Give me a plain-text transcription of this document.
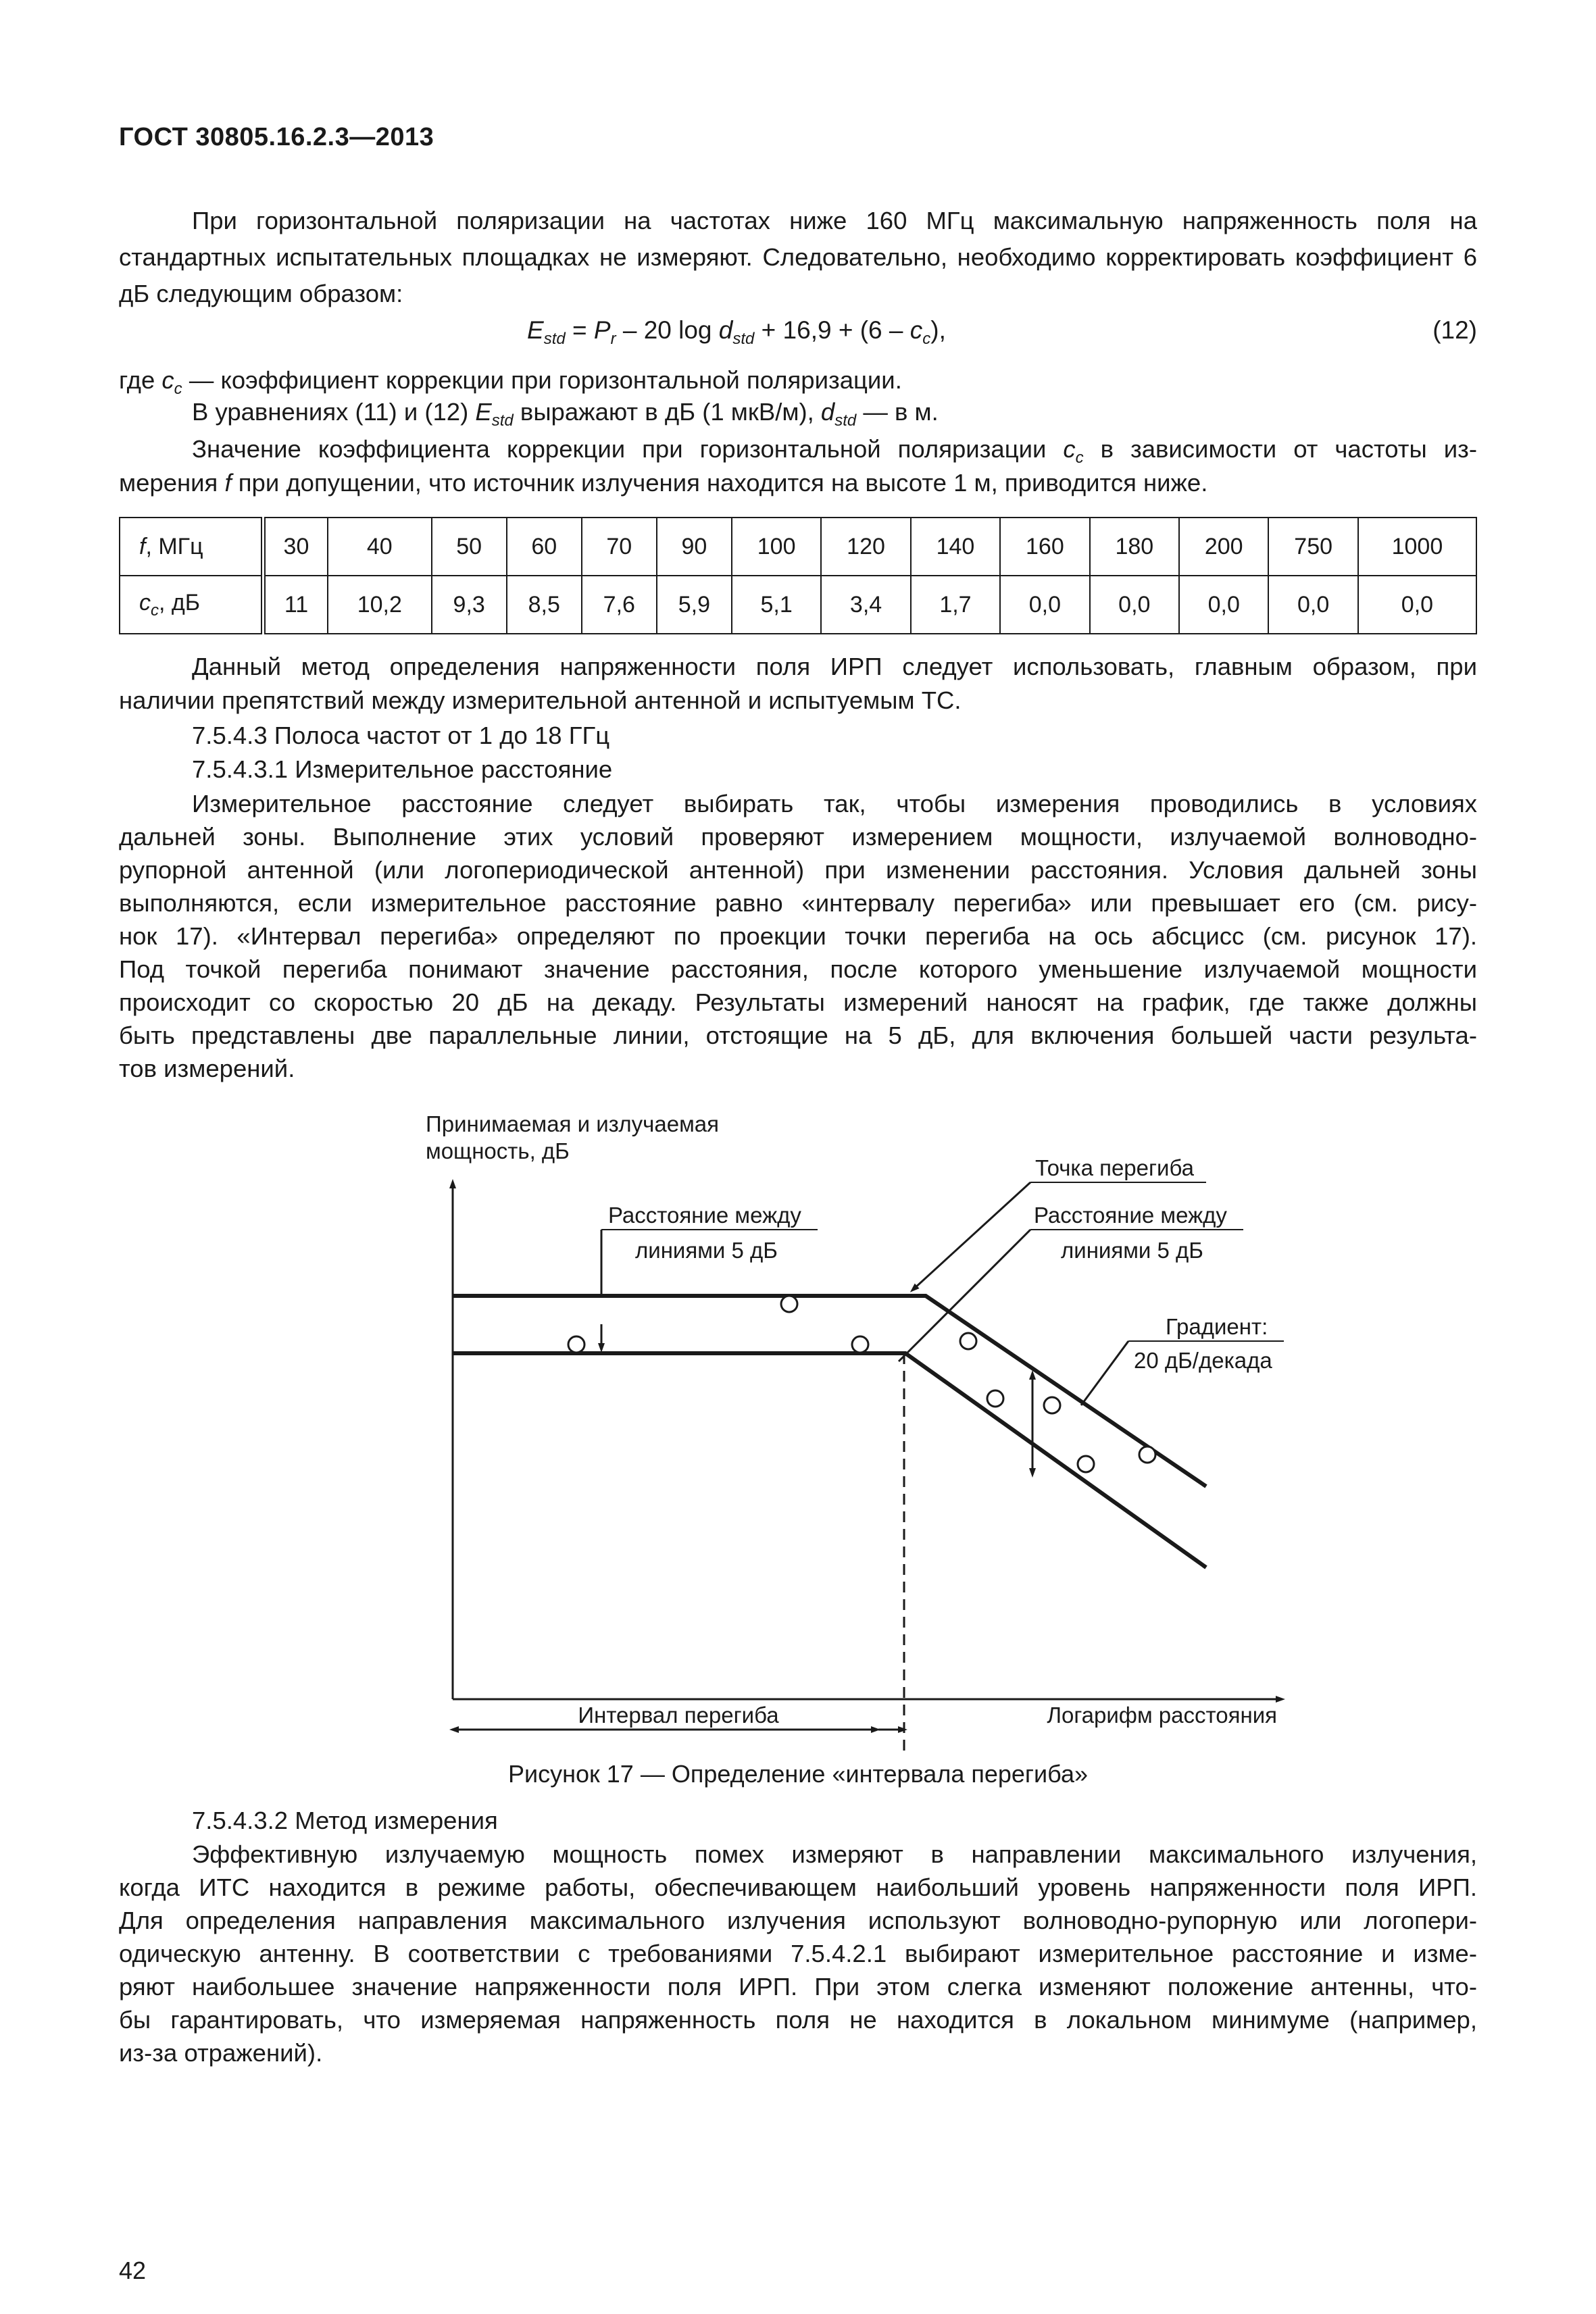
ГОСТ 30805.16.2.3—2013
При горизонтальной поляризации на частотах ниже 160 МГц максимальную напряженность поля на стандартных испытательных площадках не измеряют. Следовательно, необходимо корректировать коэффициент 6 дБ следующим образом:
$E_{std} = P_r - 20$ $\log d_{std} + 16,9 + (6 - c_c)$,	(12)
где $c_c$ — коэффициент коррекции при горизонтальной поляризации.
В уравнениях (11) и (12) $E_{std}$ выражают в дБ (1 мкВ/м), $d_{std}$ — в м.
Значение коэффициента коррекции при горизонтальной поляризации $c_c$ в зависимости от частоты из-
мерения f при допущении, что источник излучения находится на высоте 1 м, приводится ниже.
f, МГц	30	40	50	60	70	90	100	120	140	160	180	200	750	1000
$c_c$, дБ	11	10,2	9,3	8,5	7,6	5,9	5,1	3,4	1,7	0,0	0,0	0,0	0,0	0,0
Данный метод определения напряженности поля ИРП следует использовать, главным образом, при
наличии препятствий между измерительной антенной и испытуемым ТС.
7.5.4.3 Полоса частот от 1 до 18 ГГц
7.5.4.3.1 Измерительное расстояние
Измерительное расстояние следует выбирать так, чтобы измерения проводились в условиях
дальней зоны. Выполнение этих условий проверяют измерением мощности, излучаемой волноводно-
рупорной антенной (или логопериодической антенной) при изменении расстояния. Условия дальней зоны
выполняются, если измерительное расстояние равно «интервалу перегиба» или превышает его (см. рису-
нок 17). «Интервал перегиба» определяют по проекции точки перегиба на ось абсцисс (см. рисунок 17).
Под точкой перегиба понимают значение расстояния, после которого уменьшение излучаемой мощности
происходит со скоростью 20 дБ на декаду. Результаты измерений наносят на график, где также должны
быть представлены две параллельные линии, отстоящие на 5 дБ, для включения большей части результа-
тов измерений.
Принимаемая и излучаемая
мощность, дБ
Логарифм расстояния
Расстояние между
линиями 5 дБ
Точка перегиба
Расстояние между
линиями 5 дБ
Градиент:
20 дБ/декада
Интервал перегиба
Рисунок 17 — Определение «интервала перегиба»
7.5.4.3.2 Метод измерения
Эффективную излучаемую мощность помех измеряют в направлении максимального излучения,
когда ИТС находится в режиме работы, обеспечивающем наибольший уровень напряженности поля ИРП.
Для определения направления максимального излучения используют волноводно-рупорную или логопери-
одическую антенну. В соответствии с требованиями 7.5.4.2.1 выбирают измерительное расстояние и изме-
ряют наибольшее значение напряженности поля ИРП. При этом слегка изменяют положение антенны, что-
бы гарантировать, что измеряемая напряженность поля не находится в локальном минимуме (например,
из-за отражений).
42
